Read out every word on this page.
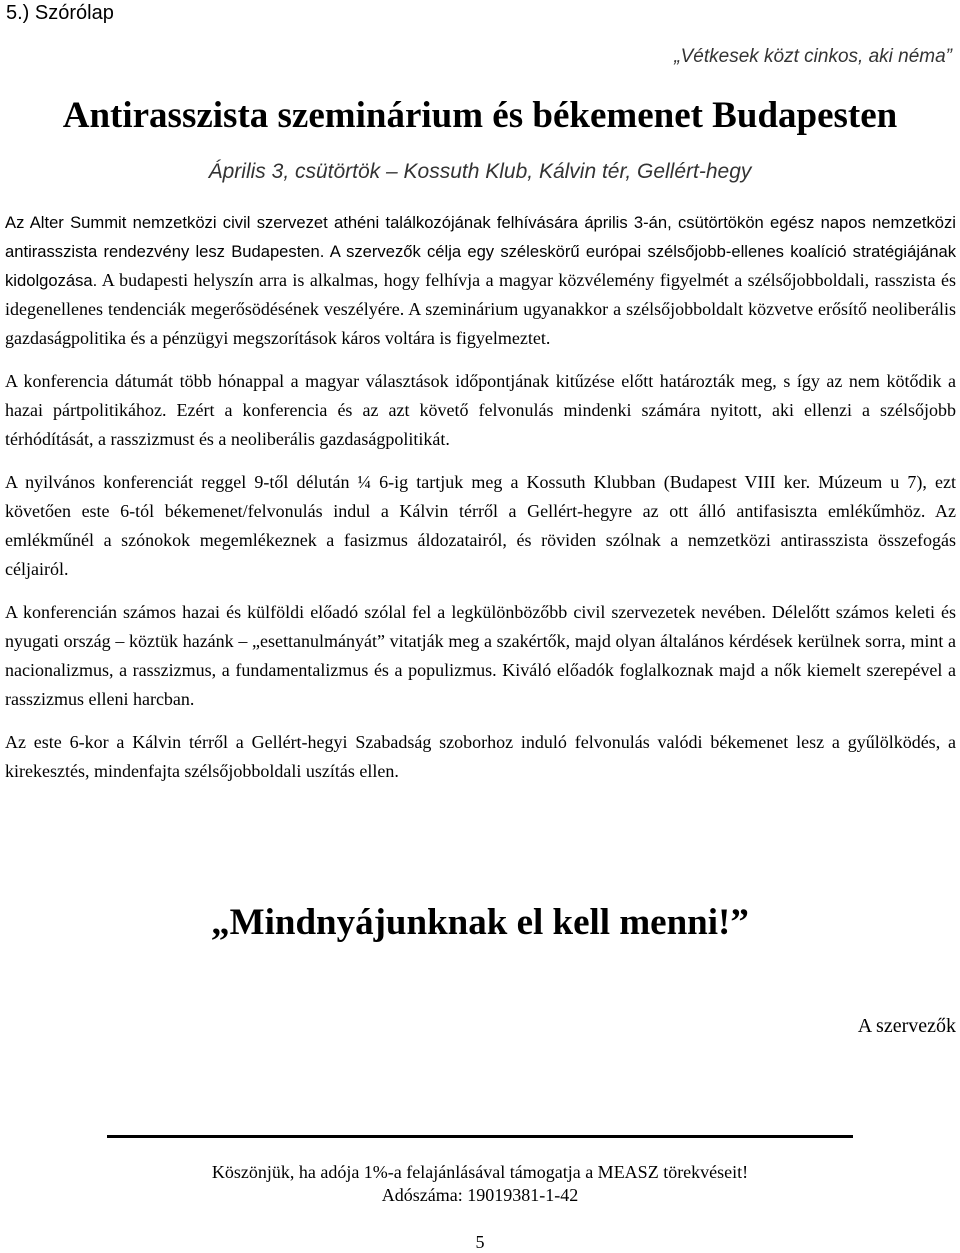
5.) Szórólap
„Vétkesek közt cinkos, aki néma”
Antirasszista szeminárium és békemenet Budapesten
Április 3, csütörtök – Kossuth Klub, Kálvin tér, Gellért-hegy

Az Alter Summit nemzetközi civil szervezet athéni találkozójának felhívására április 3-án, csütörtökön egész napos nemzetközi antirasszista rendezvény lesz Budapesten. A szervezők célja egy széleskörű európai szélsőjobb-ellenes koalíció stratégiájának kidolgozása. A budapesti helyszín arra is alkalmas, hogy felhívja a magyar közvélemény figyelmét a szélsőjobboldali, rasszista és idegenellenes tendenciák megerősödésének veszélyére. A szeminárium ugyanakkor a szélsőjobboldalt közvetve erősítő neoliberális gazdaságpolitika és a pénzügyi megszorítások káros voltára is figyelmeztet.

A konferencia dátumát több hónappal a magyar választások időpontjának kitűzése előtt határozták meg, s így az nem kötődik a hazai pártpolitikához. Ezért a konferencia és az azt követő felvonulás mindenki számára nyitott, aki ellenzi a szélsőjobb térhódítását, a rasszizmust és a neoliberális gazdaságpolitikát.

A nyilvános konferenciát reggel 9-től délután ¼ 6-ig tartjuk meg a Kossuth Klubban (Budapest VIII ker. Múzeum u 7), ezt követően este 6-tól békemenet/felvonulás indul a Kálvin térről a Gellért-hegyre az ott álló antifasiszta emlékűmhöz. Az emlékműnél a szónokok megemlékeznek a fasizmus áldozatairól, és röviden szólnak a nemzetközi antirasszista összefogás céljairól.

A konferencián számos hazai és külföldi előadó szólal fel a legkülönbözőbb civil szervezetek nevében. Délelőtt számos keleti és nyugati ország – köztük hazánk – „esettanulmányát” vitatják meg a szakértők, majd olyan általános kérdések kerülnek sorra, mint a nacionalizmus, a rasszizmus, a fundamentalizmus és a populizmus. Kiváló előadók foglalkoznak majd a nők kiemelt szerepével a rasszizmus elleni harcban.

Az este 6-kor a Kálvin térről a Gellért-hegyi Szabadság szoborhoz induló felvonulás valódi békemenet lesz a gyűlölködés, a kirekesztés, mindenfajta szélsőjobboldali uszítás ellen.

„Mindnyájunknak el kell menni!”
A szervezők
Köszönjük, ha adója 1%-a felajánlásával támogatja a MEASZ törekvéseit!
Adószáma: 19019381-1-42
5
